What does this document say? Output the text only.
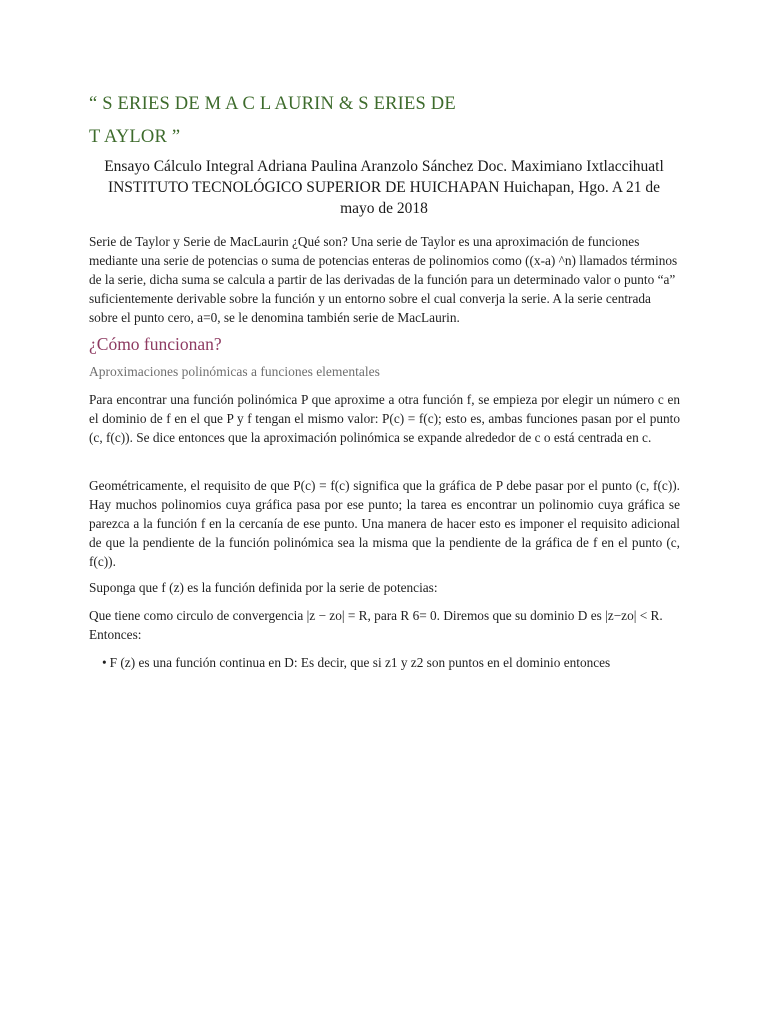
“ S ERIES DE M A C L AURIN & S ERIES DE
T AYLOR ”
Ensayo Cálculo Integral Adriana Paulina Aranzolo Sánchez Doc. Maximiano Ixtlaccihuatl INSTITUTO TECNOLÓGICO SUPERIOR DE HUICHAPAN Huichapan, Hgo. A 21 de mayo de 2018
Serie de Taylor y Serie de MacLaurin ¿Qué son? Una serie de Taylor es una aproximación de funciones mediante una serie de potencias o suma de potencias enteras de polinomios como ((x-a) ^n) llamados términos de la serie, dicha suma se calcula a partir de las derivadas de la función para un determinado valor o punto “a” suficientemente derivable sobre la función y un entorno sobre el cual converja la serie. A la serie centrada sobre el punto cero, a=0, se le denomina también serie de MacLaurin.
¿Cómo funcionan?
Aproximaciones polinómicas a funciones elementales
Para encontrar una función polinómica P que aproxime a otra función f, se empieza por elegir un número c en el dominio de f en el que P y f tengan el mismo valor: P(c) = f(c); esto es, ambas funciones pasan por el punto (c, f(c)). Se dice entonces que la aproximación polinómica se expande alrededor de c o está centrada en c.
Geométricamente, el requisito de que P(c) = f(c) significa que la gráfica de P debe pasar por el punto (c, f(c)). Hay muchos polinomios cuya gráfica pasa por ese punto; la tarea es encontrar un polinomio cuya gráfica se parezca a la función f en la cercanía de ese punto. Una manera de hacer esto es imponer el requisito adicional de que la pendiente de la función polinómica sea la misma que la pendiente de la gráfica de f en el punto (c, f(c)).
Suponga que f (z) es la función definida por la serie de potencias:
Que tiene como circulo de convergencia |z − zo| = R, para R 6= 0. Diremos que su dominio D es |z−zo| < R. Entonces:
• F (z) es una función continua en D: Es decir, que si z1 y z2 son puntos en el dominio entonces
